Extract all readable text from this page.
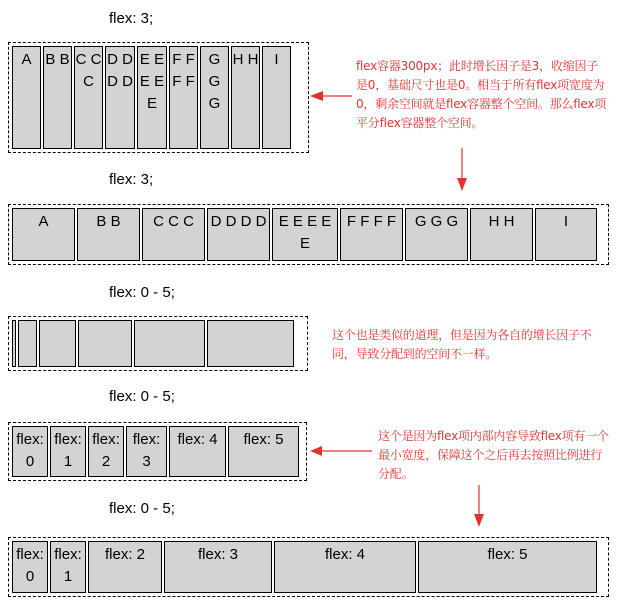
flex: 3;
A B B C C C
D D D D
E E E E E
F F F F
G G G
H H	I
flex: 3;
A	B B	C C C	D D D D E E E E E
F F F F	G G G	H H	I
flex: 0 - 5;
flex: 0 - 5;
flex: 0
flex: 1
flex: 2
flex: 3
flex: 4	flex: 5
flex: 0 - 5;
flex: 0
flex: 1
flex: 2	flex: 3	flex: 4	flex: 5
flex容器300px；此时增长因子是3，收缩因子是0，基础尺寸也是0。相当于所有flex项宽度为0，剩余空间就是flex容器整个空间。那么flex项平分flex容器整个空间。
这个也是类似的道理，但是因为各自的增长因子不同，导致分配到的空间不一样。
这个是因为flex项内部内容导致flex项有一个最小宽度，保障这个之后再去按照比例进行分配。
